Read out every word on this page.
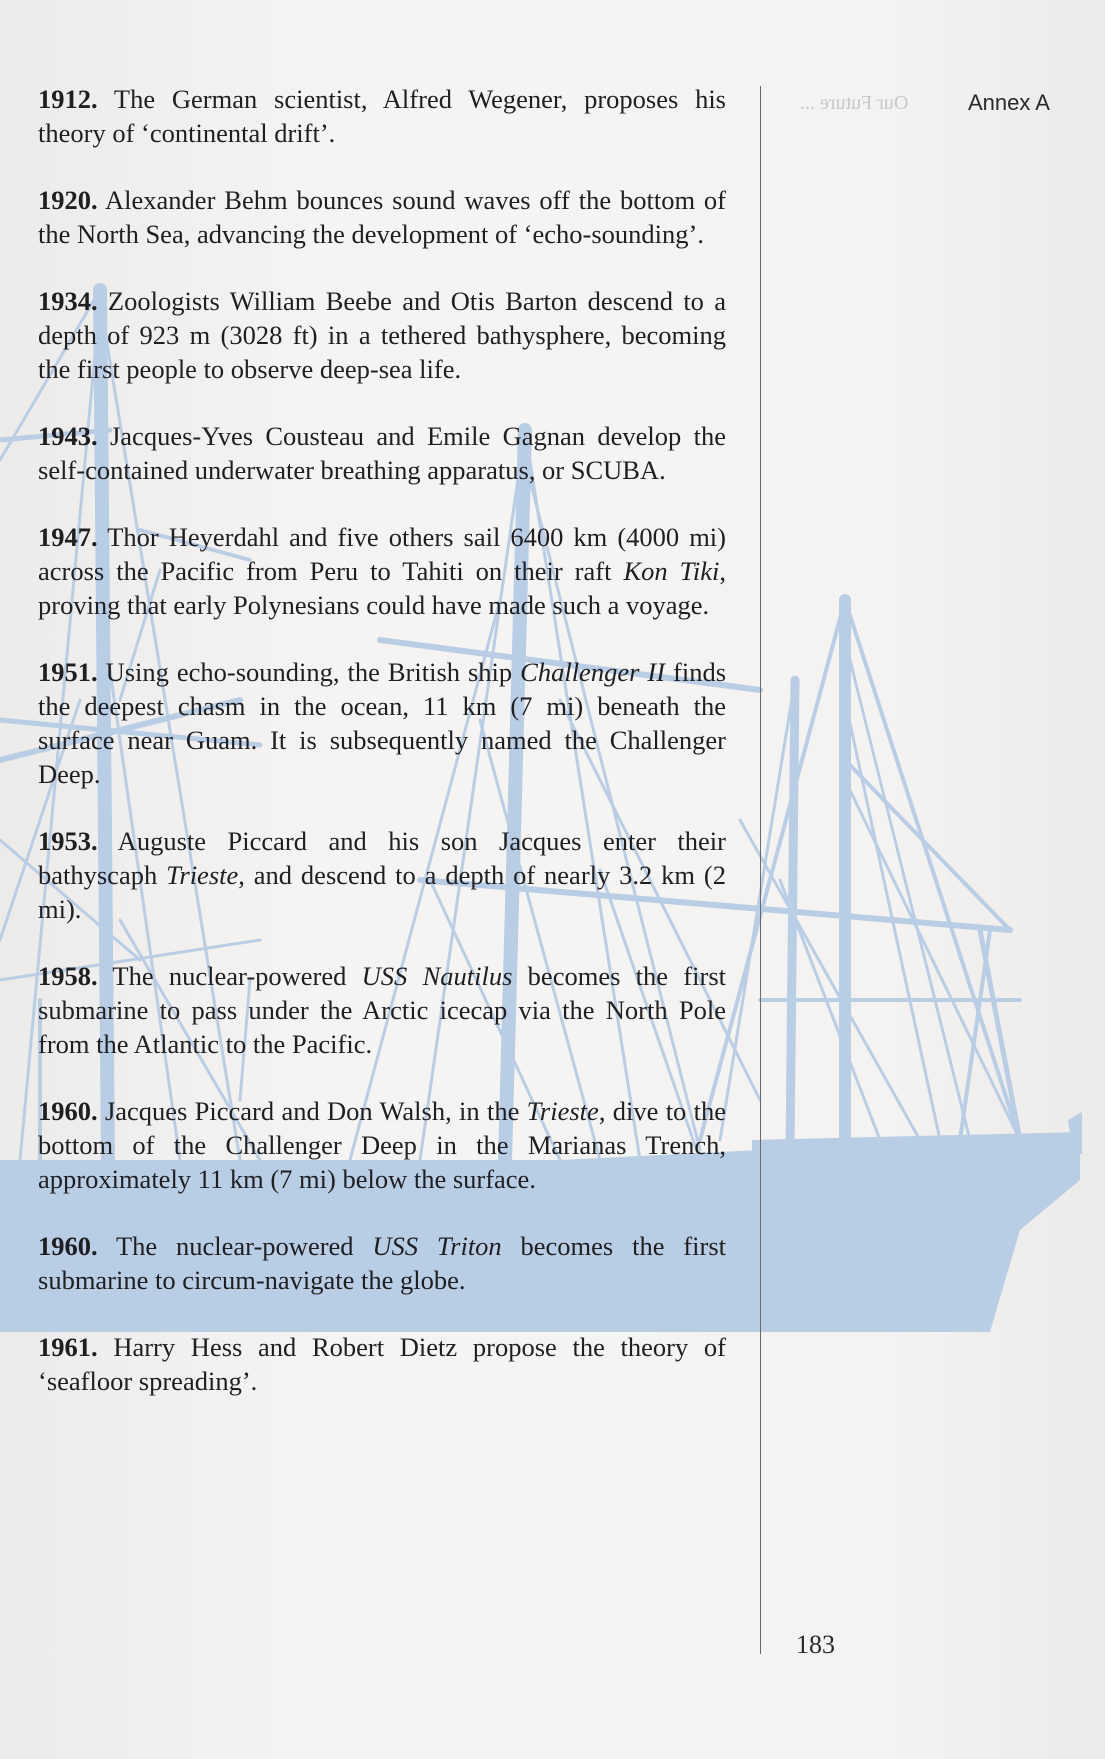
Our Future ...	Annex A

1912. The German scientist, Alfred Wegener, proposes his theory of ‘continental drift’.

1920. Alexander Behm bounces sound waves off the bottom of the North Sea, advancing the development of ‘echo-sounding’.

1934. Zoologists William Beebe and Otis Barton descend to a depth of 923 m (3028 ft) in a tethered bathysphere, becoming the first people to observe deep-sea life.

1943. Jacques-Yves Cousteau and Emile Gagnan develop the self-contained underwater breathing apparatus, or SCUBA.

1947. Thor Heyerdahl and five others sail 6400 km (4000 mi) across the Pacific from Peru to Tahiti on their raft Kon Tiki, proving that early Polynesians could have made such a voyage.

1951. Using echo-sounding, the British ship Challenger II finds the deepest chasm in the ocean, 11 km (7 mi) beneath the surface near Guam. It is subsequently named the Challenger Deep.

1953. Auguste Piccard and his son Jacques enter their bathyscaph Trieste, and descend to a depth of nearly 3.2 km (2 mi).

1958. The nuclear-powered USS Nautilus becomes the first submarine to pass under the Arctic icecap via the North Pole from the Atlantic to the Pacific.

1960. Jacques Piccard and Don Walsh, in the Trieste, dive to the bottom of the Challenger Deep in the Marianas Trench, approximately 11 km (7 mi) below the surface.

1960. The nuclear-powered USS Triton becomes the first submarine to circum-navigate the globe.

1961. Harry Hess and Robert Dietz propose the theory of ‘seafloor spreading’.

183
